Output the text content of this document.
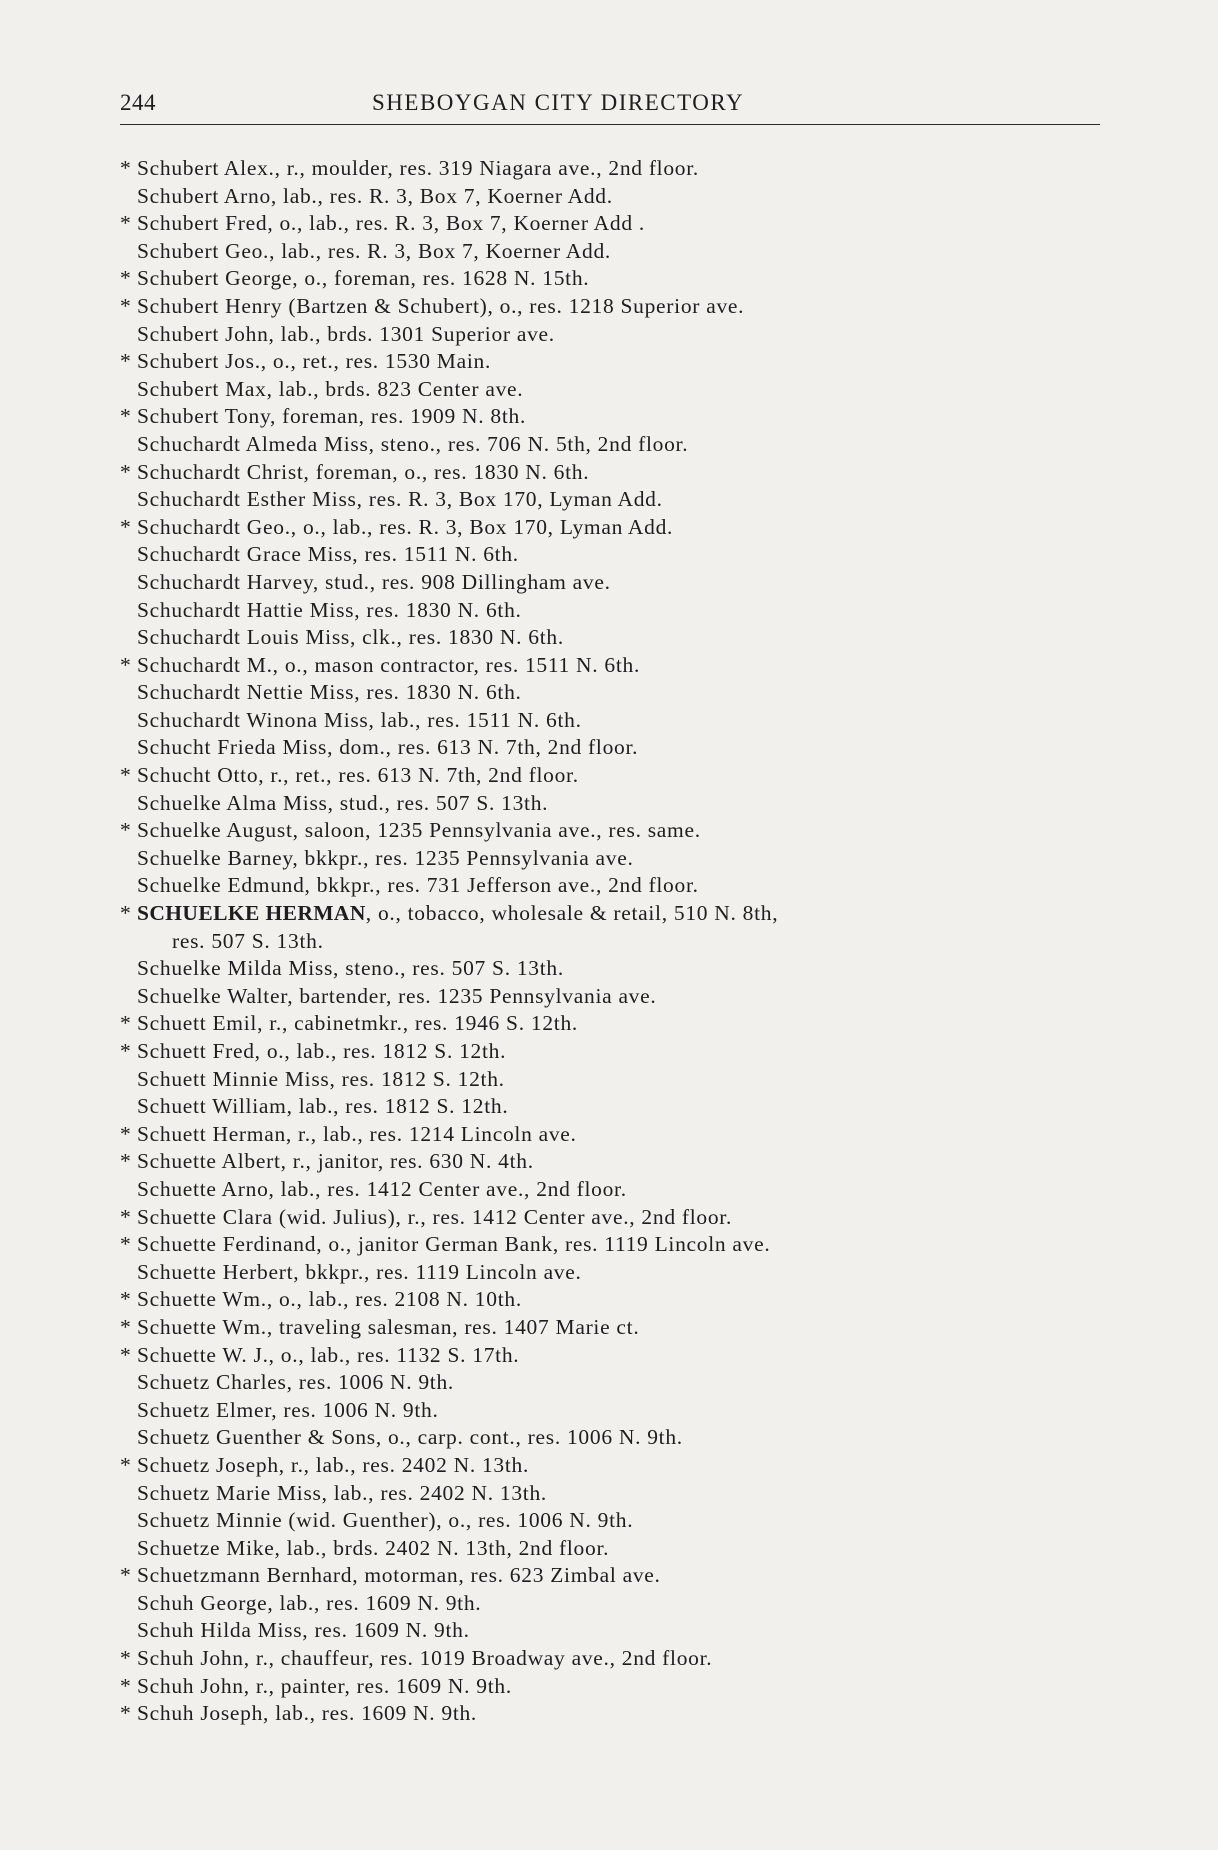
244	SHEBOYGAN CITY DIRECTORY
* Schubert Alex., r., moulder, res. 319 Niagara ave., 2nd floor.
Schubert Arno, lab., res. R. 3, Box 7, Koerner Add.
* Schubert Fred, o., lab., res. R. 3, Box 7, Koerner Add .
Schubert Geo., lab., res. R. 3, Box 7, Koerner Add.
* Schubert George, o., foreman, res. 1628 N. 15th.
* Schubert Henry (Bartzen & Schubert), o., res. 1218 Superior ave.
Schubert John, lab., brds. 1301 Superior ave.
* Schubert Jos., o., ret., res. 1530 Main.
Schubert Max, lab., brds. 823 Center ave.
* Schubert Tony, foreman, res. 1909 N. 8th.
Schuchardt Almeda Miss, steno., res. 706 N. 5th, 2nd floor.
* Schuchardt Christ, foreman, o., res. 1830 N. 6th.
Schuchardt Esther Miss, res. R. 3, Box 170, Lyman Add.
* Schuchardt Geo., o., lab., res. R. 3, Box 170, Lyman Add.
Schuchardt Grace Miss, res. 1511 N. 6th.
Schuchardt Harvey, stud., res. 908 Dillingham ave.
Schuchardt Hattie Miss, res. 1830 N. 6th.
Schuchardt Louis Miss, clk., res. 1830 N. 6th.
* Schuchardt M., o., mason contractor, res. 1511 N. 6th.
Schuchardt Nettie Miss, res. 1830 N. 6th.
Schuchardt Winona Miss, lab., res. 1511 N. 6th.
Schucht Frieda Miss, dom., res. 613 N. 7th, 2nd floor.
* Schucht Otto, r., ret., res. 613 N. 7th, 2nd floor.
Schuelke Alma Miss, stud., res. 507 S. 13th.
* Schuelke August, saloon, 1235 Pennsylvania ave., res. same.
Schuelke Barney, bkkpr., res. 1235 Pennsylvania ave.
Schuelke Edmund, bkkpr., res. 731 Jefferson ave., 2nd floor.
* SCHUELKE HERMAN, o., tobacco, wholesale & retail, 510 N. 8th,
res. 507 S. 13th.
Schuelke Milda Miss, steno., res. 507 S. 13th.
Schuelke Walter, bartender, res. 1235 Pennsylvania ave.
* Schuett Emil, r., cabinetmkr., res. 1946 S. 12th.
* Schuett Fred, o., lab., res. 1812 S. 12th.
Schuett Minnie Miss, res. 1812 S. 12th.
Schuett William, lab., res. 1812 S. 12th.
* Schuett Herman, r., lab., res. 1214 Lincoln ave.
* Schuette Albert, r., janitor, res. 630 N. 4th.
Schuette Arno, lab., res. 1412 Center ave., 2nd floor.
* Schuette Clara (wid. Julius), r., res. 1412 Center ave., 2nd floor.
* Schuette Ferdinand, o., janitor German Bank, res. 1119 Lincoln ave.
Schuette Herbert, bkkpr., res. 1119 Lincoln ave.
* Schuette Wm., o., lab., res. 2108 N. 10th.
* Schuette Wm., traveling salesman, res. 1407 Marie ct.
* Schuette W. J., o., lab., res. 1132 S. 17th.
Schuetz Charles, res. 1006 N. 9th.
Schuetz Elmer, res. 1006 N. 9th.
Schuetz Guenther & Sons, o., carp. cont., res. 1006 N. 9th.
* Schuetz Joseph, r., lab., res. 2402 N. 13th.
Schuetz Marie Miss, lab., res. 2402 N. 13th.
Schuetz Minnie (wid. Guenther), o., res. 1006 N. 9th.
Schuetze Mike, lab., brds. 2402 N. 13th, 2nd floor.
* Schuetzmann Bernhard, motorman, res. 623 Zimbal ave.
Schuh George, lab., res. 1609 N. 9th.
Schuh Hilda Miss, res. 1609 N. 9th.
* Schuh John, r., chauffeur, res. 1019 Broadway ave., 2nd floor.
* Schuh John, r., painter, res. 1609 N. 9th.
* Schuh Joseph, lab., res. 1609 N. 9th.
